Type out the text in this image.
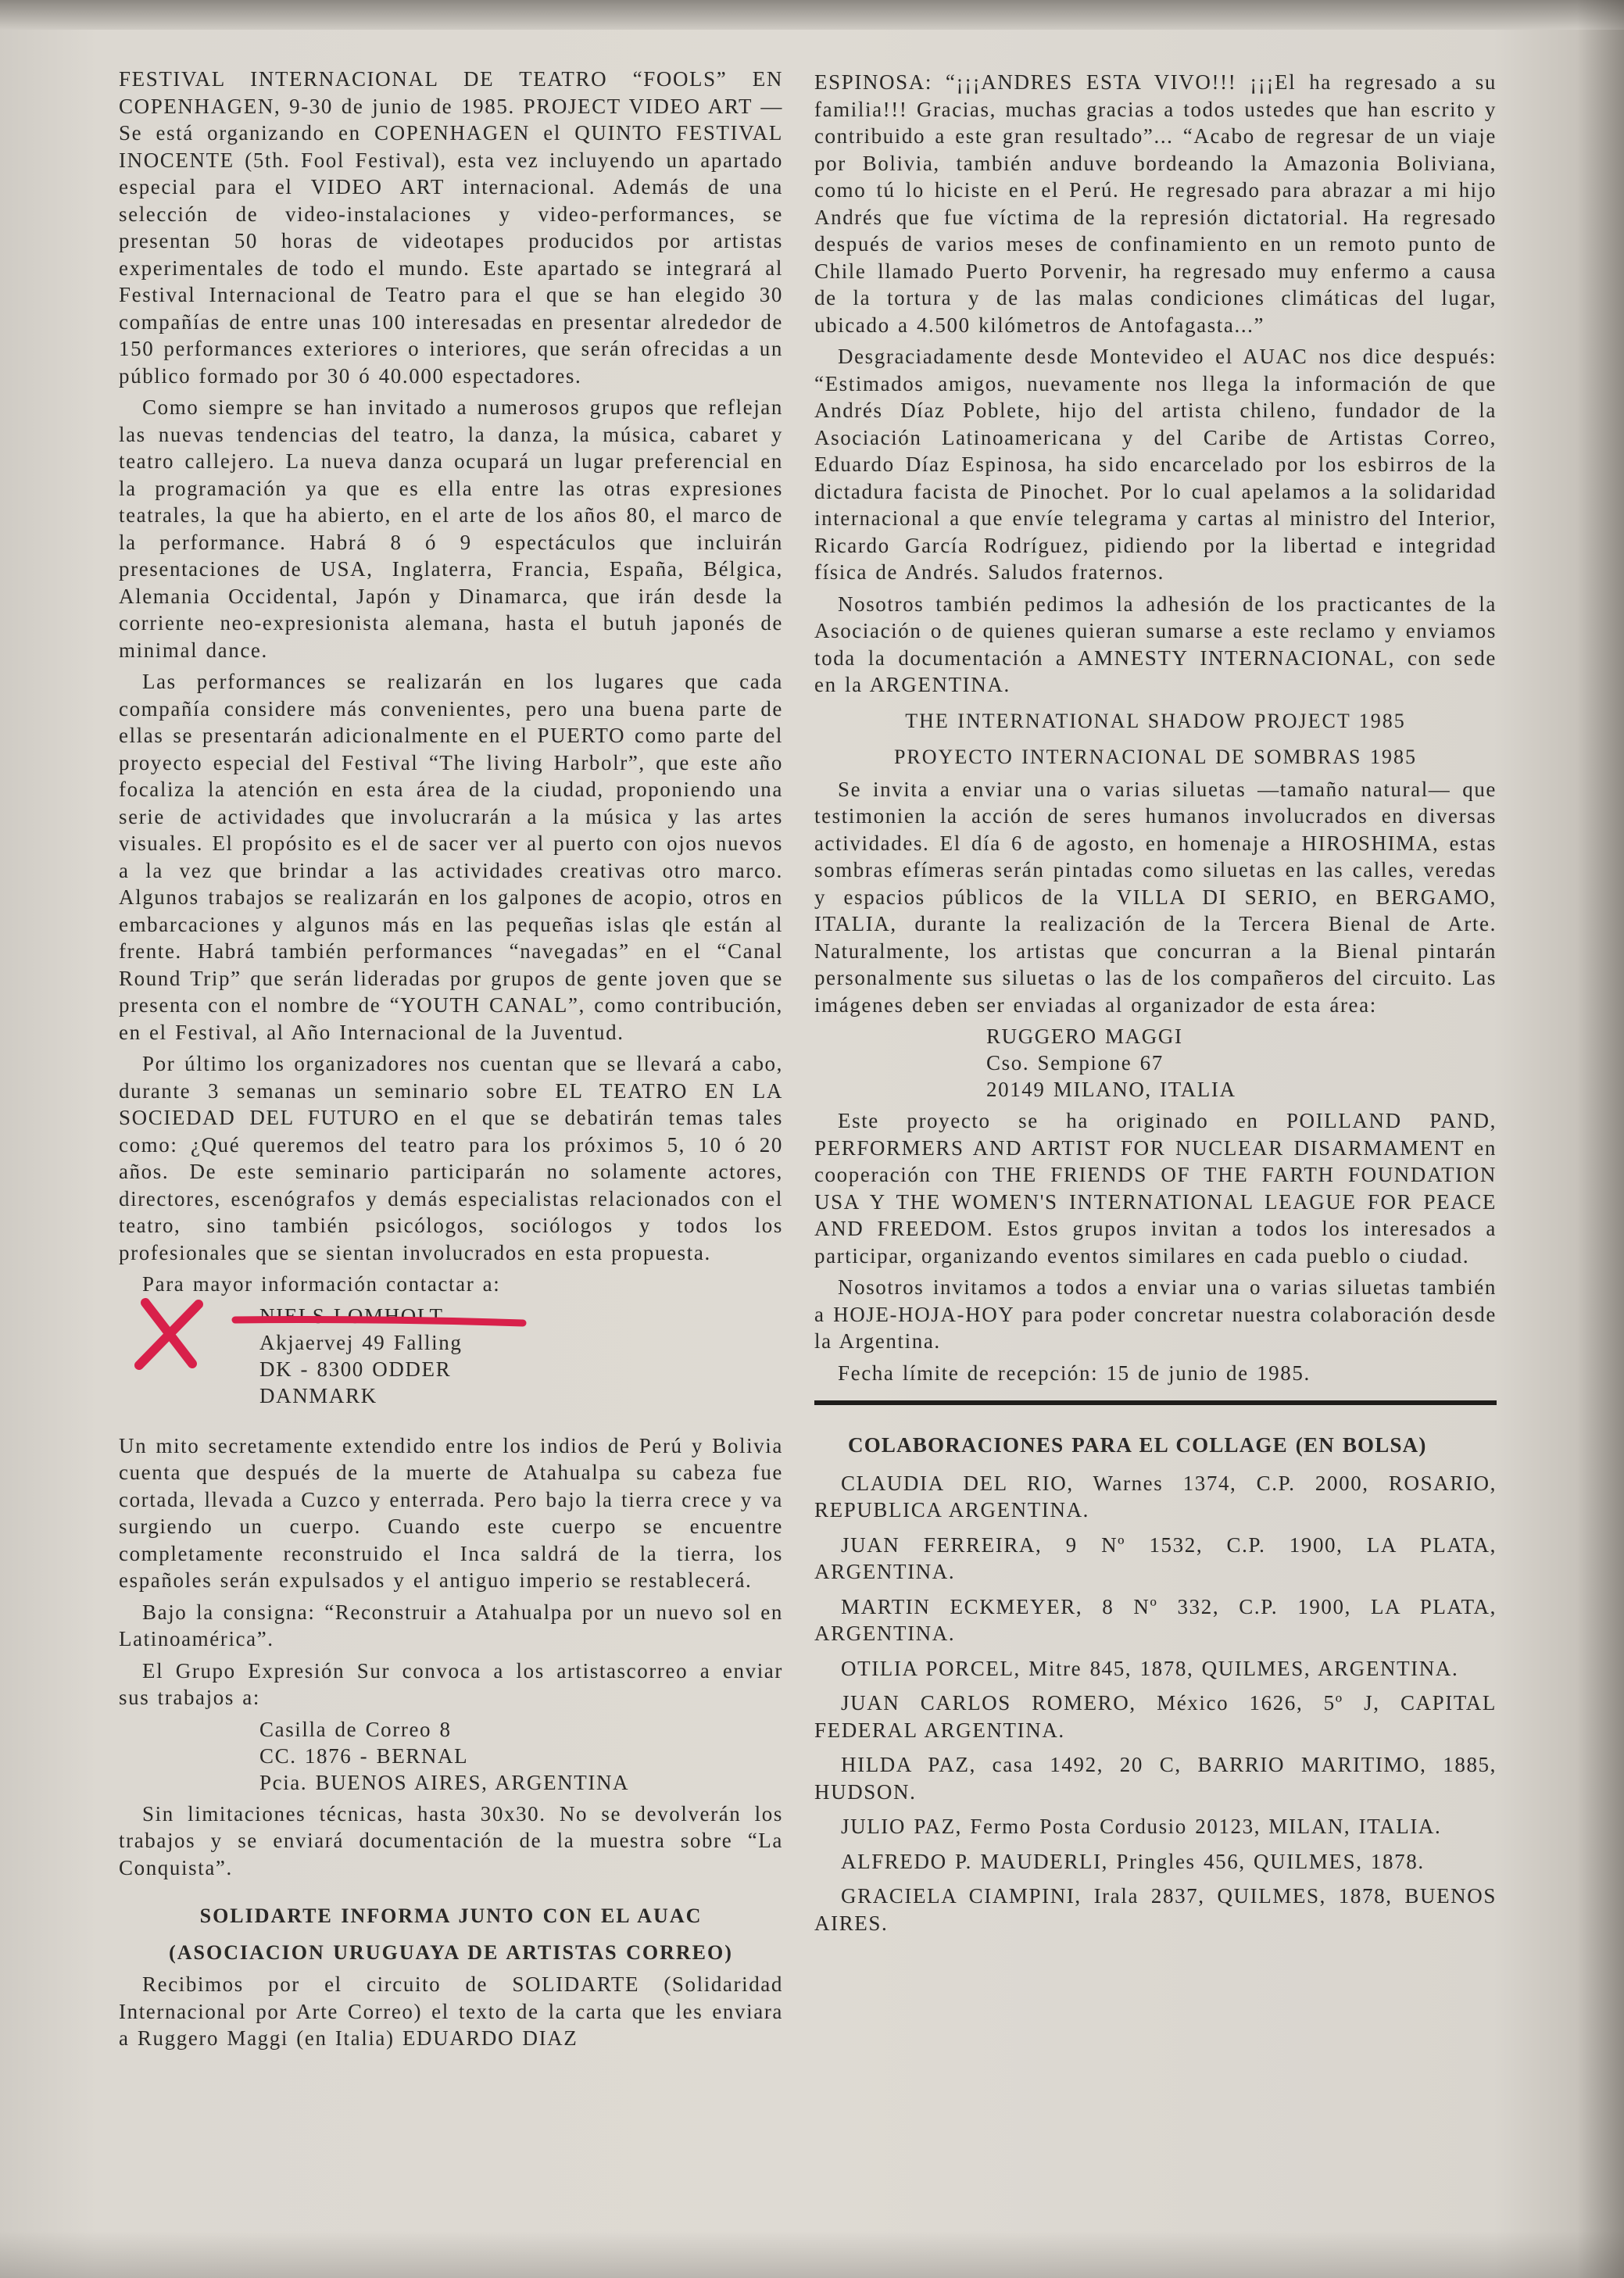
FESTIVAL INTERNACIONAL DE TEATRO “FOOLS” EN COPENHAGEN, 9-30 de junio de 1985. PROJECT VIDEO ART — Se está organizando en COPENHAGEN el QUINTO FESTIVAL INOCENTE (5th. Fool Festival), esta vez incluyendo un apartado especial para el VIDEO ART internacional. Además de una selección de video-instalaciones y video-performances, se presentan 50 horas de videotapes producidos por artistas experimentales de todo el mundo. Este apartado se integrará al Festival Internacional de Teatro para el que se han elegido 30 compañías de entre unas 100 interesadas en presentar alrededor de 150 performances exteriores o interiores, que serán ofrecidas a un público formado por 30 ó 40.000 espectadores.
Como siempre se han invitado a numerosos grupos que reflejan las nuevas tendencias del teatro, la danza, la música, cabaret y teatro callejero. La nueva danza ocupará un lugar preferencial en la programación ya que es ella entre las otras expresiones teatrales, la que ha abierto, en el arte de los años 80, el marco de la performance. Habrá 8 ó 9 espectáculos que incluirán presentaciones de USA, Inglaterra, Francia, España, Bélgica, Alemania Occidental, Japón y Dinamarca, que irán desde la corriente neo-expresionista alemana, hasta el butuh japonés de minimal dance.
Las performances se realizarán en los lugares que cada compañía considere más convenientes, pero una buena parte de ellas se presentarán adicionalmente en el PUERTO como parte del proyecto especial del Festival “The living Harbolr”, que este año focaliza la atención en esta área de la ciudad, proponiendo una serie de actividades que involucrarán a la música y las artes visuales. El propósito es el de sacer ver al puerto con ojos nuevos a la vez que brindar a las actividades creativas otro marco. Algunos trabajos se realizarán en los galpones de acopio, otros en embarcaciones y algunos más en las pequeñas islas qle están al frente. Habrá también performances “navegadas” en el “Canal Round Trip” que serán lideradas por grupos de gente joven que se presenta con el nombre de “YOUTH CANAL”, como contribución, en el Festival, al Año Internacional de la Juventud.
Por último los organizadores nos cuentan que se llevará a cabo, durante 3 semanas un seminario sobre EL TEATRO EN LA SOCIEDAD DEL FUTURO en el que se debatirán temas tales como: ¿Qué queremos del teatro para los próximos 5, 10 ó 20 años. De este seminario participarán no solamente actores, directores, escenógrafos y demás especialistas relacionados con el teatro, sino también psicólogos, sociólogos y todos los profesionales que se sientan involucrados en esta propuesta.
Para mayor información contactar a:
NIELS LOMHOLT
Akjaervej 49 Falling
DK - 8300 ODDER
DANMARK
Un mito secretamente extendido entre los indios de Perú y Bolivia cuenta que después de la muerte de Atahualpa su cabeza fue cortada, llevada a Cuzco y enterrada. Pero bajo la tierra crece y va surgiendo un cuerpo. Cuando este cuerpo se encuentre completamente reconstruido el Inca saldrá de la tierra, los españoles serán expulsados y el antiguo imperio se restablecerá.
Bajo la consigna: “Reconstruir a Atahualpa por un nuevo sol en Latinoamérica”.
El Grupo Expresión Sur convoca a los artistascorreo a enviar sus trabajos a:
Casilla de Correo 8
CC. 1876 - BERNAL
Pcia. BUENOS AIRES, ARGENTINA
Sin limitaciones técnicas, hasta 30x30. No se devolverán los trabajos y se enviará documentación de la muestra sobre “La Conquista”.
SOLIDARTE INFORMA JUNTO CON EL AUAC
(ASOCIACION URUGUAYA DE ARTISTAS CORREO)
Recibimos por el circuito de SOLIDARTE (Solidaridad Internacional por Arte Correo) el texto de la carta que les enviara a Ruggero Maggi (en Italia) EDUARDO DIAZ
ESPINOSA: “¡¡¡ANDRES ESTA VIVO!!! ¡¡¡El ha regresado a su familia!!! Gracias, muchas gracias a todos ustedes que han escrito y contribuido a este gran resultado”... “Acabo de regresar de un viaje por Bolivia, también anduve bordeando la Amazonia Boliviana, como tú lo hiciste en el Perú. He regresado para abrazar a mi hijo Andrés que fue víctima de la represión dictatorial. Ha regresado después de varios meses de confinamiento en un remoto punto de Chile llamado Puerto Porvenir, ha regresado muy enfermo a causa de la tortura y de las malas condiciones climáticas del lugar, ubicado a 4.500 kilómetros de Antofagasta...”
Desgraciadamente desde Montevideo el AUAC nos dice después: “Estimados amigos, nuevamente nos llega la información de que Andrés Díaz Poblete, hijo del artista chileno, fundador de la Asociación Latinoamericana y del Caribe de Artistas Correo, Eduardo Díaz Espinosa, ha sido encarcelado por los esbirros de la dictadura facista de Pinochet. Por lo cual apelamos a la solidaridad internacional a que envíe telegrama y cartas al ministro del Interior, Ricardo García Rodríguez, pidiendo por la libertad e integridad física de Andrés. Saludos fraternos.
Nosotros también pedimos la adhesión de los practicantes de la Asociación o de quienes quieran sumarse a este reclamo y enviamos toda la documentación a AMNESTY INTERNACIONAL, con sede en la ARGENTINA.
THE INTERNATIONAL SHADOW PROJECT 1985
PROYECTO INTERNACIONAL DE SOMBRAS 1985
Se invita a enviar una o varias siluetas —tamaño natural— que testimonien la acción de seres humanos involucrados en diversas actividades. El día 6 de agosto, en homenaje a HIROSHIMA, estas sombras efímeras serán pintadas como siluetas en las calles, veredas y espacios públicos de la VILLA DI SERIO, en BERGAMO, ITALIA, durante la realización de la Tercera Bienal de Arte. Naturalmente, los artistas que concurran a la Bienal pintarán personalmente sus siluetas o las de los compañeros del circuito. Las imágenes deben ser enviadas al organizador de esta área:
RUGGERO MAGGI
Cso. Sempione 67
20149 MILANO, ITALIA
Este proyecto se ha originado en POILLAND PAND, PERFORMERS AND ARTIST FOR NUCLEAR DISARMAMENT en cooperación con THE FRIENDS OF THE FARTH FOUNDATION USA Y THE WOMEN'S INTERNATIONAL LEAGUE FOR PEACE AND FREEDOM. Estos grupos invitan a todos los interesados a participar, organizando eventos similares en cada pueblo o ciudad.
Nosotros invitamos a todos a enviar una o varias siluetas también a HOJE-HOJA-HOY para poder concretar nuestra colaboración desde la Argentina.
Fecha límite de recepción: 15 de junio de 1985.
COLABORACIONES PARA EL COLLAGE (EN BOLSA)
CLAUDIA DEL RIO, Warnes 1374, C.P. 2000, ROSARIO, REPUBLICA ARGENTINA.
JUAN FERREIRA, 9 Nº 1532, C.P. 1900, LA PLATA, ARGENTINA.
MARTIN ECKMEYER, 8 Nº 332, C.P. 1900, LA PLATA, ARGENTINA.
OTILIA PORCEL, Mitre 845, 1878, QUILMES, ARGENTINA.
JUAN CARLOS ROMERO, México 1626, 5º J, CAPITAL FEDERAL ARGENTINA.
HILDA PAZ, casa 1492, 20 C, BARRIO MARITIMO, 1885, HUDSON.
JULIO PAZ, Fermo Posta Cordusio 20123, MILAN, ITALIA.
ALFREDO P. MAUDERLI, Pringles 456, QUILMES, 1878.
GRACIELA CIAMPINI, Irala 2837, QUILMES, 1878, BUENOS AIRES.
